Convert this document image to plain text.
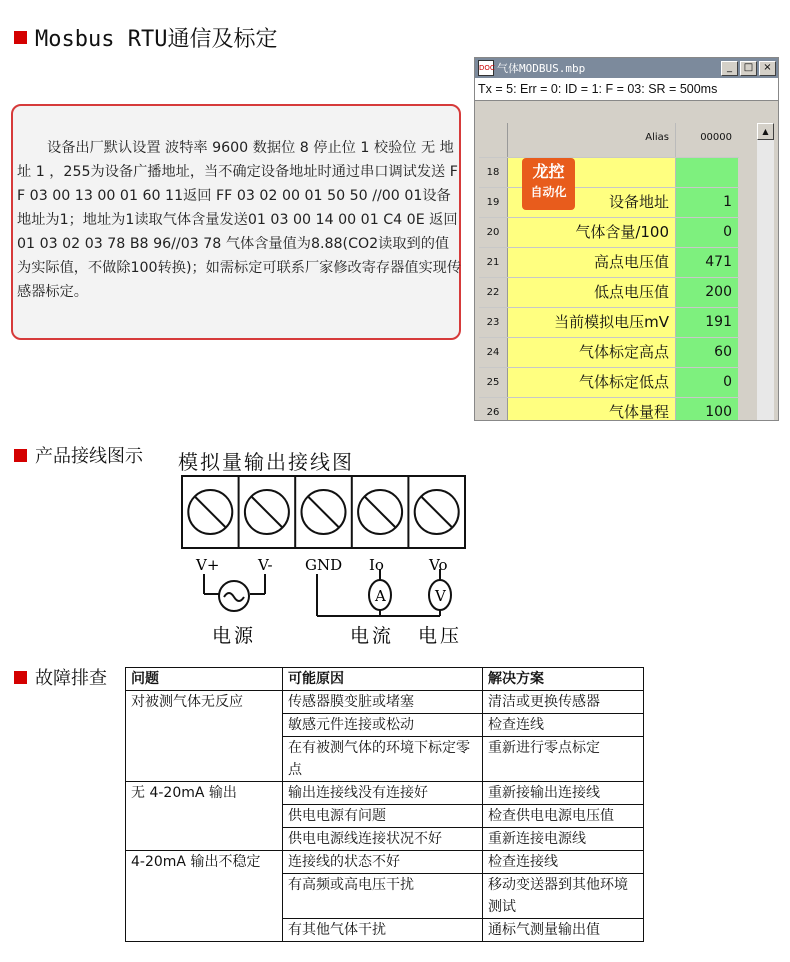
Mosbus RTU通信及标定
设备出厂默认设置 波特率 9600 数据位 8 停止位 1 校验位 无 地址 1 ，255为设备广播地址，当不确定设备地址时通过串口调试发送 FF 03 00 13 00 01 60 11返回 FF 03 02 00 01 50 50 //00 01设备地址为1；地址为1读取气体含量发送01 03 00 14 00 01 C4 0E 返回01 03 02 03 78 B8 96//03 78 气体含量值为8.88(CO2读取到的值为实际值，不做除100转换)；如需标定可联系厂家修改寄存器值实现传感器标定。
DOC 气体MODBUS.mbp	_	□	×
Tx = 5: Err = 0: ID = 1: F = 03: SR = 500ms
Alias	00000
18
19	设备地址	1
20	气体含量/100	0
21	高点电压值	471
22	低点电压值	200
23	当前模拟电压mV	191
24	气体标定高点	60
25	气体标定低点	0
26	气体量程	100
▲
龙控
自动化
产品接线图示 模拟量输出接线图
V+	V- GND Io	Vo
A	V
电源	电流 电压
故障排查 问题	可能原因	解决方案
对被测气体无反应	传感器膜变脏或堵塞	清洁或更换传感器
	敏感元件连接或松动	检查连线
	在有被测气体的环境下标定零点	重新进行零点标定
无 4-20mA 输出	输出连接线没有连接好	重新接输出连接线
	供电电源有问题	检查供电电源电压值
	供电电源线连接状况不好	重新连接电源线
4-20mA 输出不稳定	连接线的状态不好	检查连接线
	有高频或高电压干扰	移动变送器到其他环境测试
	有其他气体干扰	通标气测量输出值
